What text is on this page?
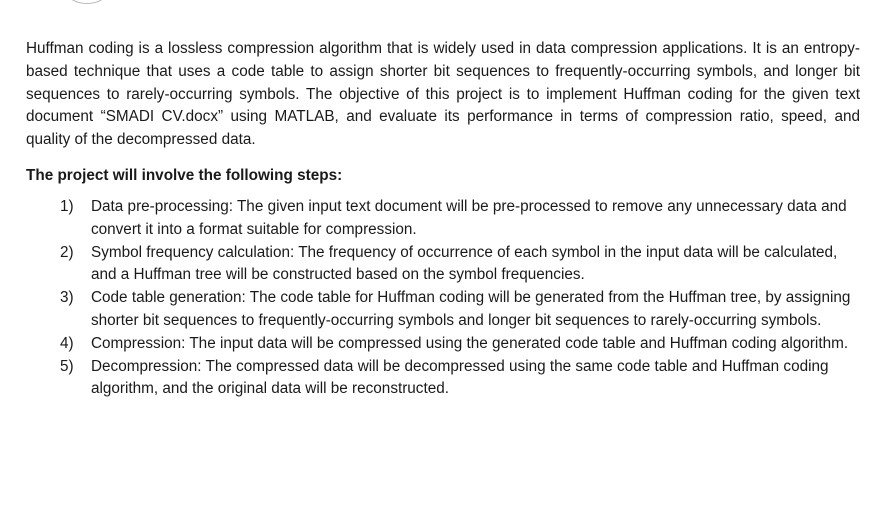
Huffman coding is a lossless compression algorithm that is widely used in data compression applications. It is an entropy-based technique that uses a code table to assign shorter bit sequences to frequently-occurring symbols, and longer bit sequences to rarely-occurring symbols. The objective of this project is to implement Huffman coding for the given text document “SMADI CV.docx” using MATLAB, and evaluate its performance in terms of compression ratio, speed, and quality of the decompressed data.

The project will involve the following steps:
1)	Data pre-processing: The given input text document will be pre-processed to remove any unnecessary data and convert it into a format suitable for compression.
2)	Symbol frequency calculation: The frequency of occurrence of each symbol in the input data will be calculated, and a Huffman tree will be constructed based on the symbol frequencies.
3)	Code table generation: The code table for Huffman coding will be generated from the Huffman tree, by assigning shorter bit sequences to frequently-occurring symbols and longer bit sequences to rarely-occurring symbols.
4)	Compression: The input data will be compressed using the generated code table and Huffman coding algorithm.
5)	Decompression: The compressed data will be decompressed using the same code table and Huffman coding algorithm, and the original data will be reconstructed.
